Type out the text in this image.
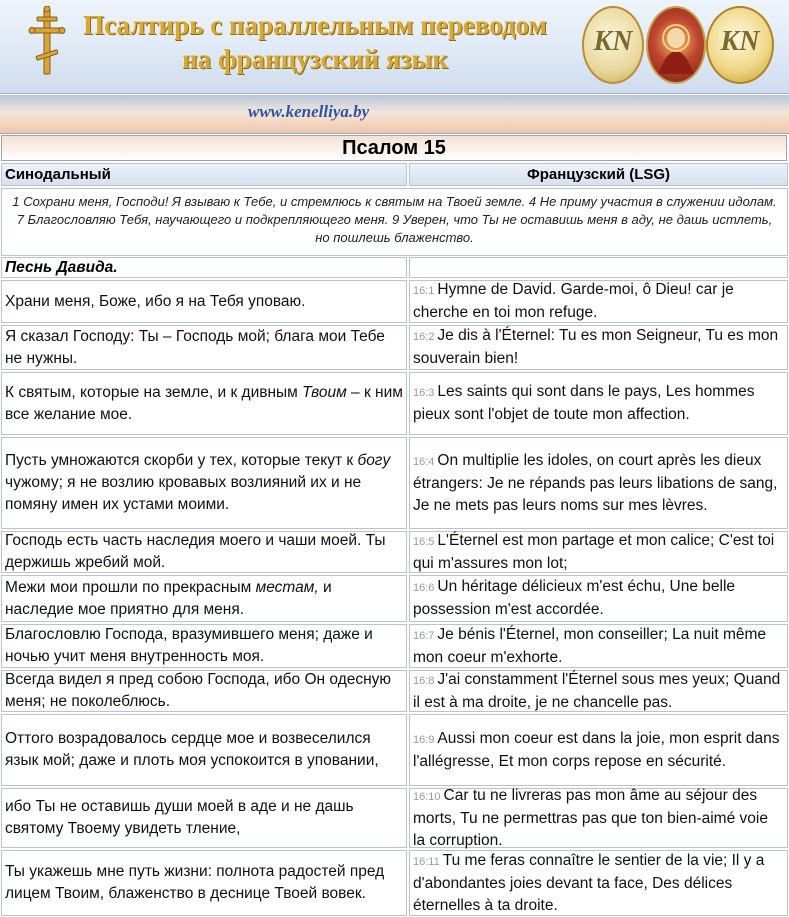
Псалтирь с параллельным переводом
на французский язык
KN	KN
www.kenelliya.by
Псалом 15
Синодальный	Французский (LSG)
1 Сохрани меня, Господи! Я взываю к Тебе, и стремлюсь к святым на Твоей земле. 4 Не приму участия в служении идолам. 7 Благословляю Тебя, научающего и подкрепляющего меня. 9 Уверен, что Ты не оставишь меня в аду, не дашь истлеть, но пошлешь блаженство.
Песнь Давида.
Храни меня, Боже, ибо я на Тебя уповаю.
16:1 Hymne de David. Garde-moi, ô Dieu! car je cherche en toi mon refuge.
Я сказал Господу: Ты – Господь мой; блага мои Тебе не нужны.
16:2 Je dis à l'Éternel: Tu es mon Seigneur, Tu es mon souverain bien!
К святым, которые на земле, и к дивным Твоим – к ним все желание мое.
16:3 Les saints qui sont dans le pays, Les hommes pieux sont l'objet de toute mon affection.
Пусть умножаются скорби у тех, которые текут к богу чужому; я не возлию кровавых возлияний их и не помяну имен их устами моими.
16:4 On multiplie les idoles, on court après les dieux étrangers: Je ne répands pas leurs libations de sang, Je ne mets pas leurs noms sur mes lèvres.
Господь есть часть наследия моего и чаши моей. Ты держишь жребий мой.
16:5 L'Éternel est mon partage et mon calice; C'est toi qui m'assures mon lot;
Межи мои прошли по прекрасным местам, и наследие мое приятно для меня.
16:6 Un héritage délicieux m'est échu, Une belle possession m'est accordée.
Благословлю Господа, вразумившего меня; даже и ночью учит меня внутренность моя.
16:7 Je bénis l'Éternel, mon conseiller; La nuit même mon coeur m'exhorte.
Всегда видел я пред собою Господа, ибо Он одесную меня; не поколеблюсь.
16:8 J'ai constamment l'Éternel sous mes yeux; Quand il est à ma droite, je ne chancelle pas.
Оттого возрадовалось сердце мое и возвеселился язык мой; даже и плоть моя успокоится в уповании,
16:9 Aussi mon coeur est dans la joie, mon esprit dans l'allégresse, Et mon corps repose en sécurité.
ибо Ты не оставишь души моей в аде и не дашь святому Твоему увидеть тление,
16:10 Car tu ne livreras pas mon âme au séjour des morts, Tu ne permettras pas que ton bien-aimé voie la corruption.
Ты укажешь мне путь жизни: полнота радостей пред лицем Твоим, блаженство в деснице Твоей вовек.
16:11 Tu me feras connaître le sentier de la vie; Il y a d'abondantes joies devant ta face, Des délices éternelles à ta droite.
